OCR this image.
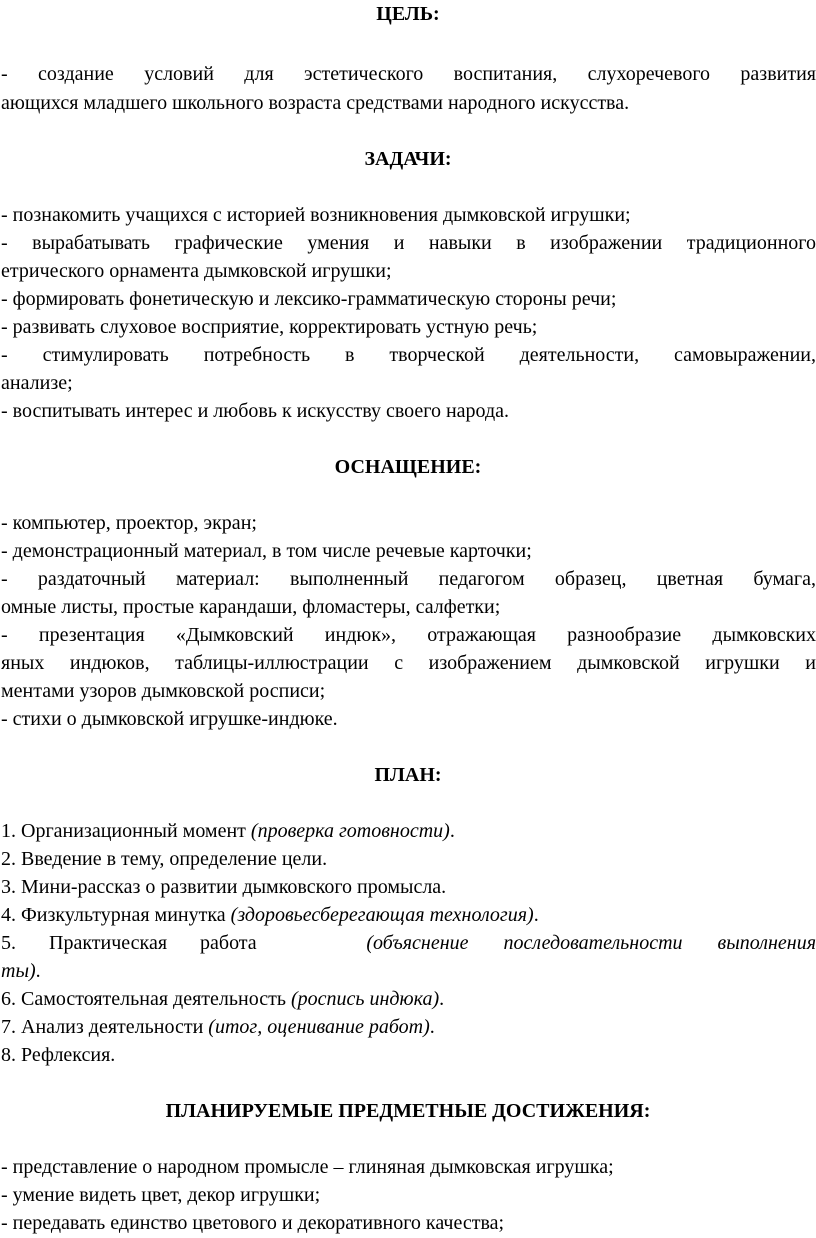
ЦЕЛЬ:
- создание условий для эстетического воспитания, слухоречевого развития
ающихся младшего школьного возраста средствами народного искусства.
ЗАДАЧИ:
- познакомить учащихся с историей возникновения дымковской игрушки;
- вырабатывать графические умения и навыки в изображении традиционного
етрического орнамента дымковской игрушки;
- формировать фонетическую и лексико-грамматическую стороны речи;
- развивать слуховое восприятие, корректировать устную речь;
- стимулировать потребность в творческой деятельности, самовыражении,
анализе;
- воспитывать интерес и любовь к искусству своего народа.
ОСНАЩЕНИЕ:
- компьютер, проектор, экран;
- демонстрационный материал, в том числе речевые карточки;
- раздаточный материал: выполненный педагогом образец, цветная бумага,
омные листы, простые карандаши, фломастеры, салфетки;
- презентация «Дымковский индюк», отражающая разнообразие дымковских
яных индюков, таблицы-иллюстрации с изображением дымковской игрушки и
ментами узоров дымковской росписи;
- стихи о дымковской игрушке-индюке.
ПЛАН:
1. Организационный момент (проверка готовности).
2. Введение в тему, определение цели.
3. Мини-рассказ о развитии дымковского промысла.
4. Физкультурная минутка (здоровьесберегающая технология).
5. Практическая работа	(объяснение последовательности выполнения
ты).
6. Самостоятельная деятельность (роспись индюка).
7. Анализ деятельности (итог, оценивание работ).
8. Рефлексия.
ПЛАНИРУЕМЫЕ ПРЕДМЕТНЫЕ ДОСТИЖЕНИЯ:
- представление о народном промысле – глиняная дымковская игрушка;
- умение видеть цвет, декор игрушки;
- передавать единство цветового и декоративного качества;
